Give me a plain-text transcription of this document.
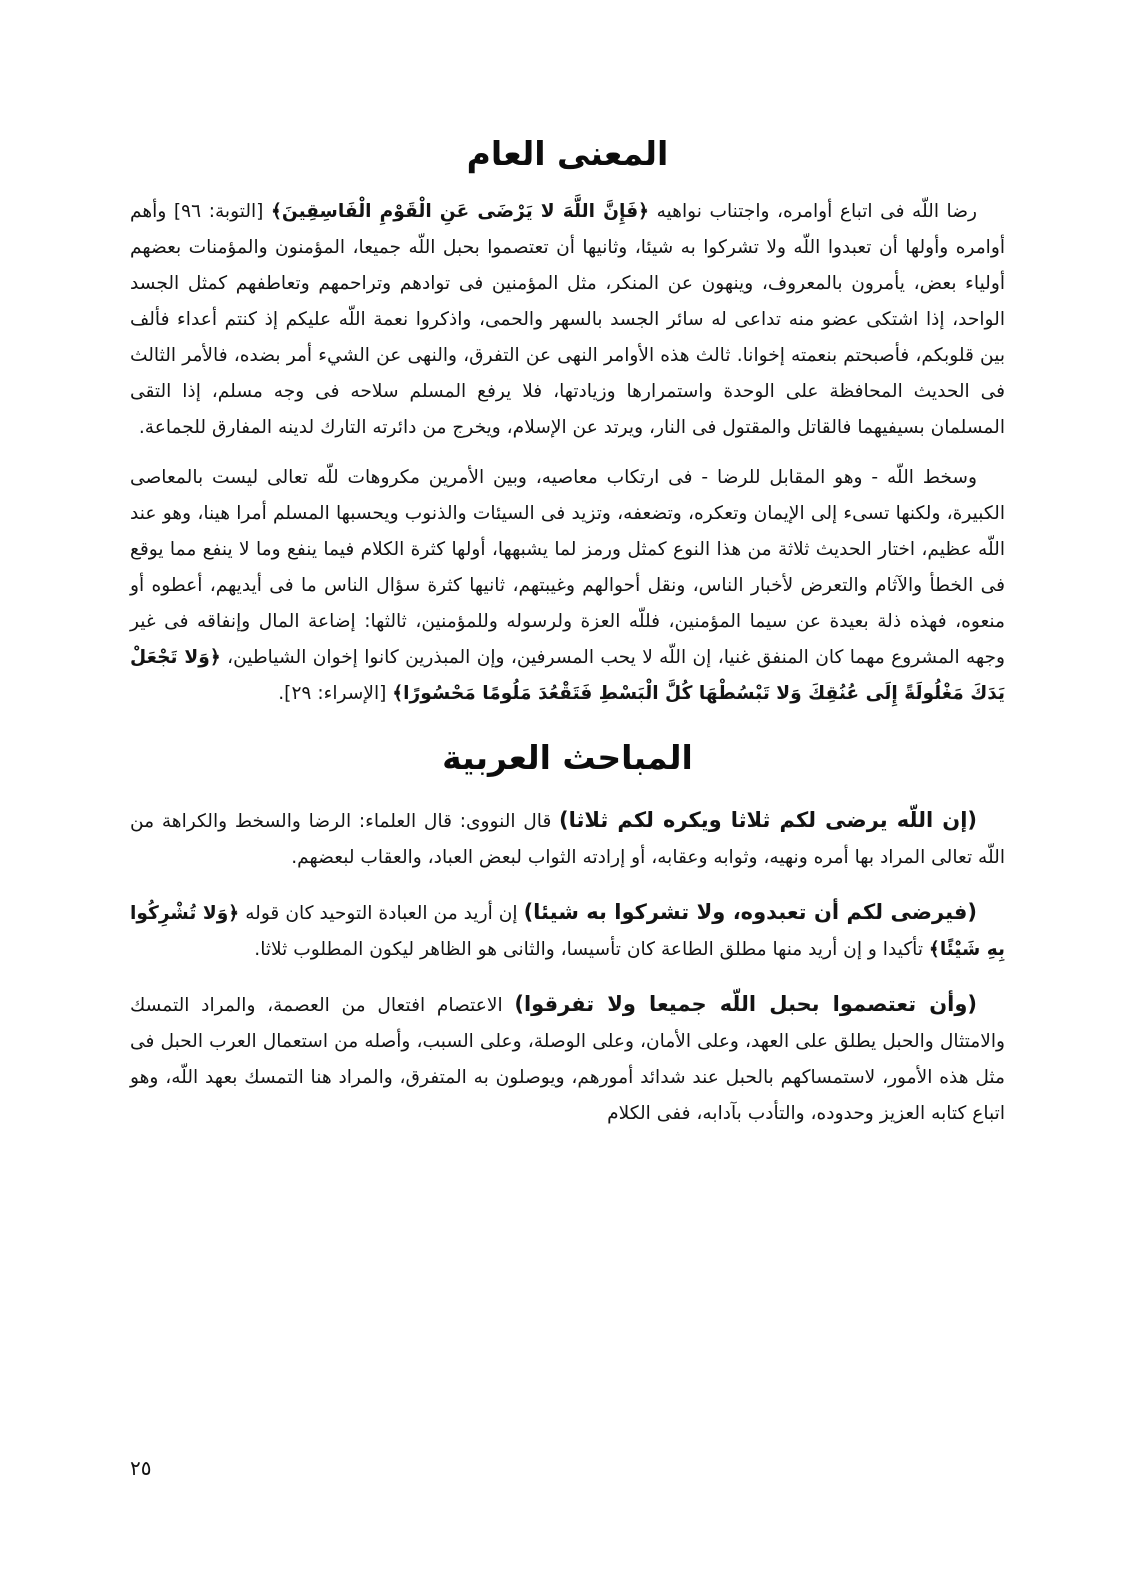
المعنى العام

رضا اللّه فى اتباع أوامره، واجتناب نواهيه ﴿فَإِنَّ اللَّهَ لا يَرْضَى عَنِ الْقَوْمِ الْفَاسِقِينَ﴾ [التوبة: ٩٦] وأهم أوامره وأولها أن تعبدوا اللّه ولا تشركوا به شيئا، وثانيها أن تعتصموا بحبل اللّه جميعا، المؤمنون والمؤمنات بعضهم أولياء بعض، يأمرون بالمعروف، وينهون عن المنكر، مثل المؤمنين فى توادهم وتراحمهم وتعاطفهم كمثل الجسد الواحد، إذا اشتكى عضو منه تداعى له سائر الجسد بالسهر والحمى، واذكروا نعمة اللّه عليكم إذ كنتم أعداء فألف بين قلوبكم، فأصبحتم بنعمته إخوانا. ثالث هذه الأوامر النهى عن التفرق، والنهى عن الشيء أمر بضده، فالأمر الثالث فى الحديث المحافظة على الوحدة واستمرارها وزيادتها، فلا يرفع المسلم سلاحه فى وجه مسلم، إذا التقى المسلمان بسيفيهما فالقاتل والمقتول فى النار، ويرتد عن الإسلام، ويخرج من دائرته التارك لدينه المفارق للجماعة.

وسخط اللّه - وهو المقابل للرضا - فى ارتكاب معاصيه، وبين الأمرين مكروهات للّه تعالى ليست بالمعاصى الكبيرة، ولكنها تسىء إلى الإيمان وتعكره، وتضعفه، وتزيد فى السيئات والذنوب ويحسبها المسلم أمرا هينا، وهو عند اللّه عظيم، اختار الحديث ثلاثة من هذا النوع كمثل ورمز لما يشبهها، أولها كثرة الكلام فيما ينفع وما لا ينفع مما يوقع فى الخطأ والآثام والتعرض لأخبار الناس، ونقل أحوالهم وغيبتهم، ثانيها كثرة سؤال الناس ما فى أيديهم، أعطوه أو منعوه، فهذه ذلة بعيدة عن سيما المؤمنين، فللّه العزة ولرسوله وللمؤمنين، ثالثها: إضاعة المال وإنفاقه فى غير وجهه المشروع مهما كان المنفق غنيا، إن اللّه لا يحب المسرفين، وإن المبذرين كانوا إخوان الشياطين، ﴿وَلا تَجْعَلْ يَدَكَ مَغْلُولَةً إِلَى عُنُقِكَ وَلا تَبْسُطْهَا كُلَّ الْبَسْطِ فَتَقْعُدَ مَلُومًا مَحْسُورًا﴾ [الإسراء: ٢٩].

المباحث العربية

(إن اللّه يرضى لكم ثلاثا ويكره لكم ثلاثا) قال النووى: قال العلماء: الرضا والسخط والكراهة من اللّه تعالى المراد بها أمره ونهيه، وثوابه وعقابه، أو إرادته الثواب لبعض العباد، والعقاب لبعضهم.

(فيرضى لكم أن تعبدوه، ولا تشركوا به شيئا) إن أريد من العبادة التوحيد كان قوله ﴿وَلا تُشْرِكُوا بِهِ شَيْئًا﴾ تأكيدا و إن أريد منها مطلق الطاعة كان تأسيسا، والثانى هو الظاهر ليكون المطلوب ثلاثا.

(وأن تعتصموا بحبل اللّه جميعا ولا تفرقوا) الاعتصام افتعال من العصمة، والمراد التمسك والامتثال والحبل يطلق على العهد، وعلى الأمان، وعلى الوصلة، وعلى السبب، وأصله من استعمال العرب الحبل فى مثل هذه الأمور، لاستمساكهم بالحبل عند شدائد أمورهم، ويوصلون به المتفرق، والمراد هنا التمسك بعهد اللّه، وهو اتباع كتابه العزيز وحدوده، والتأدب بآدابه، ففى الكلام

٢٥
